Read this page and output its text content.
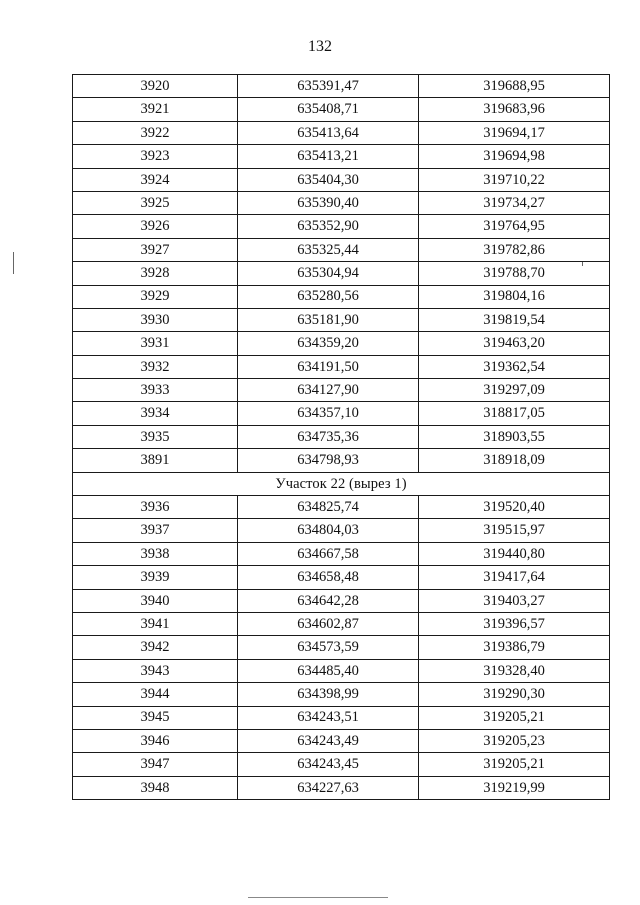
132
3920	635391,47	319688,95
3921	635408,71	319683,96
3922	635413,64	319694,17
3923	635413,21	319694,98
3924	635404,30	319710,22
3925	635390,40	319734,27
3926	635352,90	319764,95
3927	635325,44	319782,86
3928	635304,94	319788,70
3929	635280,56	319804,16
3930	635181,90	319819,54
3931	634359,20	319463,20
3932	634191,50	319362,54
3933	634127,90	319297,09
3934	634357,10	318817,05
3935	634735,36	318903,55
3891	634798,93	318918,09
Участок 22 (вырез 1)		
3936	634825,74	319520,40
3937	634804,03	319515,97
3938	634667,58	319440,80
3939	634658,48	319417,64
3940	634642,28	319403,27
3941	634602,87	319396,57
3942	634573,59	319386,79
3943	634485,40	319328,40
3944	634398,99	319290,30
3945	634243,51	319205,21
3946	634243,49	319205,23
3947	634243,45	319205,21
3948	634227,63	319219,99
